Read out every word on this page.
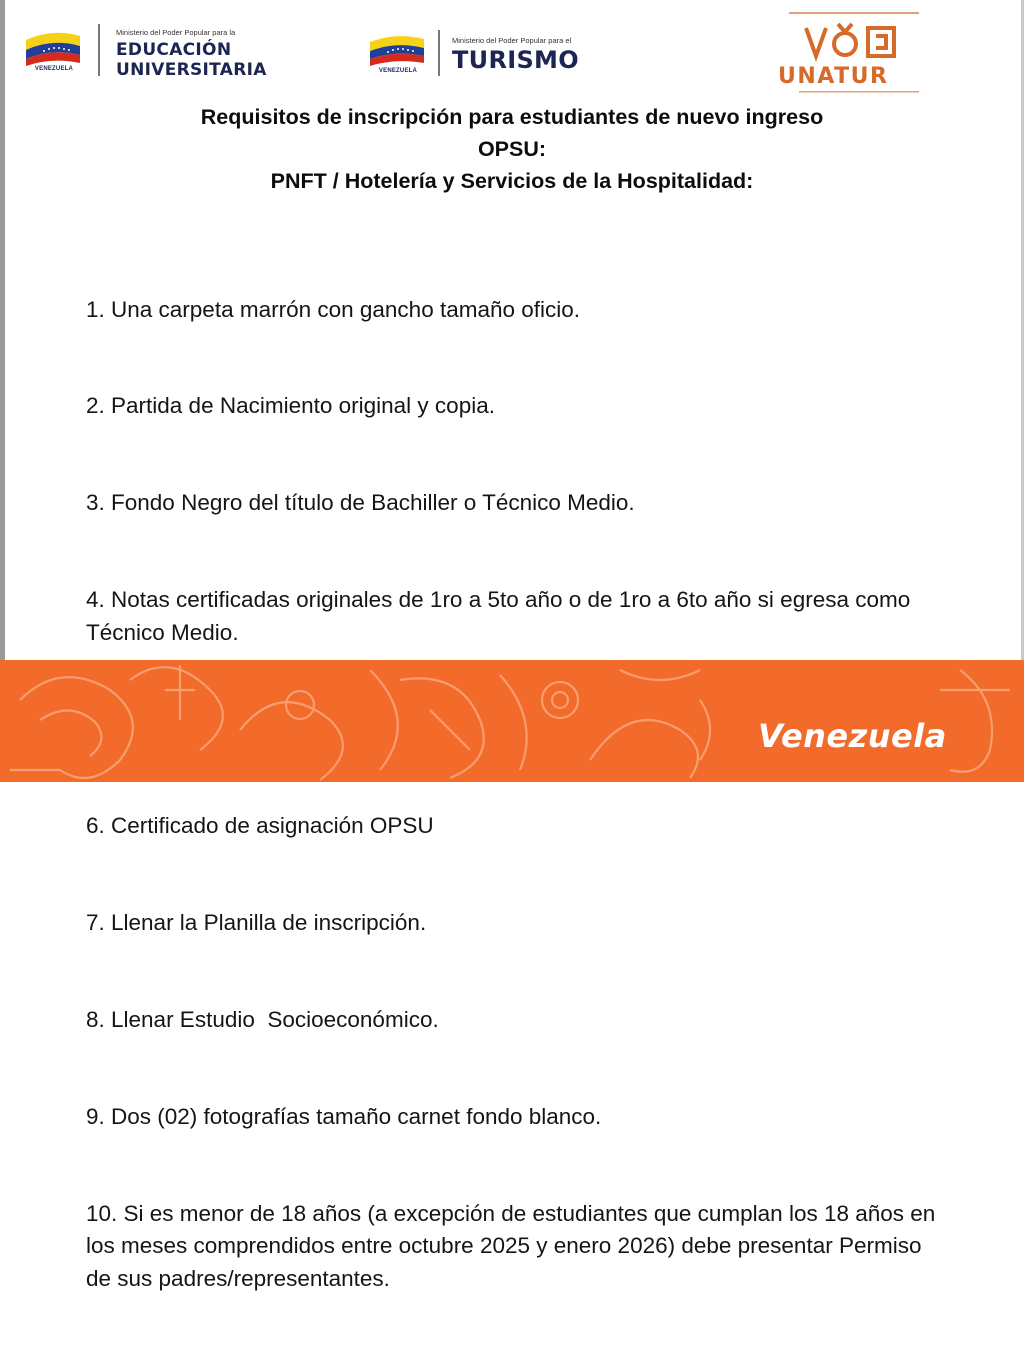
VENEZUELA
Ministerio del Poder Popular para la
EDUCACIÓN
UNIVERSITARIA	VENEZUELA
Ministerio del Poder Popular para el
TURISMO
UNATUR
Requisitos de inscripción para estudiantes de nuevo ingreso
OPSU:
PNFT / Hotelería y Servicios de la Hospitalidad:

1. Una carpeta marrón con gancho tamaño oficio.

2. Partida de Nacimiento original y copia.

3. Fondo Negro del título de Bachiller o Técnico Medio.

4. Notas certificadas originales de 1ro a 5to año o de 1ro a 6to año si egresa como Técnico Medio.

6. Certificado de asignación OPSU

7. Llenar la Planilla de inscripción.

8. Llenar Estudio  Socioeconómico.

9. Dos (02) fotografías tamaño carnet fondo blanco.

10. Si es menor de 18 años (a excepción de estudiantes que cumplan los 18 años en los meses comprendidos entre octubre 2025 y enero 2026) debe presentar Permiso de sus padres/representantes.

Venezuela
